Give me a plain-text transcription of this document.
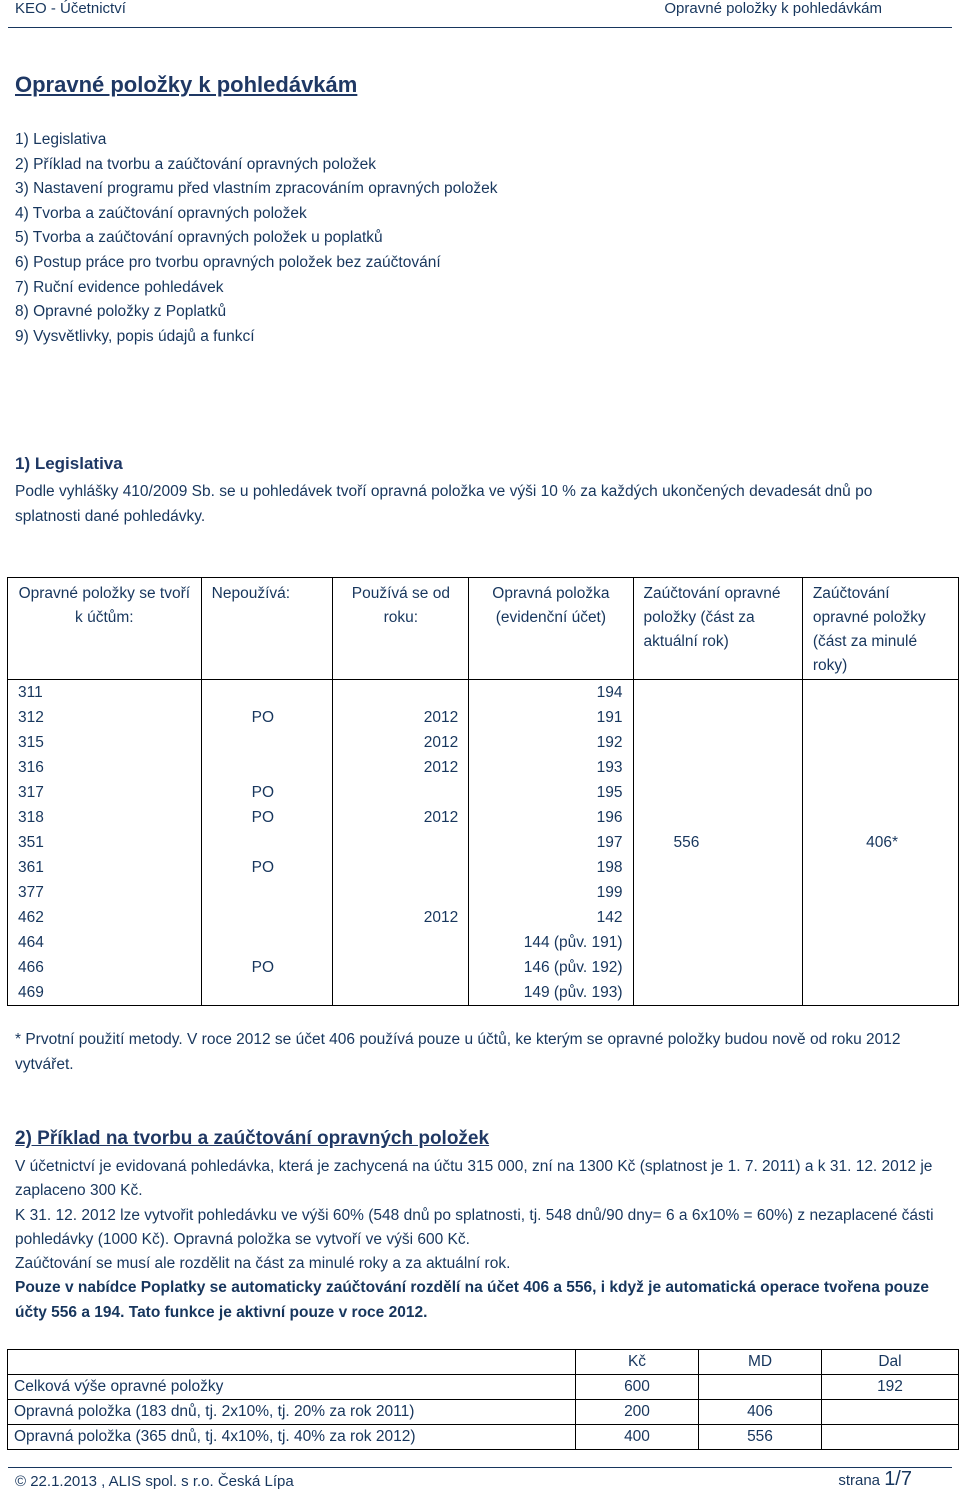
KEO - Účetnictví	Opravné položky k pohledávkám
Opravné položky k pohledávkám
1) Legislativa
2) Příklad na tvorbu a zaúčtování opravných položek
3) Nastavení programu před vlastním zpracováním opravných položek
4) Tvorba a zaúčtování opravných položek
5) Tvorba a zaúčtování opravných položek u poplatků
6) Postup práce pro tvorbu opravných položek bez zaúčtování
7) Ruční evidence pohledávek
8) Opravné položky z Poplatků
9) Vysvětlivky, popis údajů a funkcí
1) Legislativa

Podle vyhlášky 410/2009 Sb. se u pohledávek tvoří opravná položka ve výši 10 % za každých ukončených devadesát dnů po splatnosti dané pohledávky.

Opravné položky se tvoří k účtům:	Nepoužívá:	Používá se od roku:	Opravná položka (evidenční účet)	Zaúčtování opravné položky (část za aktuální rok)	Zaúčtování opravné položky (část za minulé roky)
311			194	556	406*
312	PO	2012	191		
315		2012	192		
316		2012	193		
317	PO		195		
318	PO	2012	196		
351			197		
361	PO		198		
377			199		
462		2012	142		
464			144 (pův. 191)		
466	PO		146 (pův. 192)		
469			149 (pův. 193)		

* Prvotní použití metody. V roce 2012 se účet 406 používá pouze u účtů, ke kterým se opravné položky budou nově od roku 2012 vytvářet.

2) Příklad na tvorbu a zaúčtování opravných položek
V účetnictví je evidovaná pohledávka, která je zachycená na účtu 315 000, zní na 1300 Kč (splatnost je 1. 7. 2011) a k 31. 12. 2012 je zaplaceno 300 Kč.
K 31. 12. 2012 lze vytvořit pohledávku ve výši 60% (548 dnů po splatnosti, tj. 548 dnů/90 dny= 6 a 6x10% = 60%) z nezaplacené části pohledávky (1000 Kč). Opravná položka se vytvoří ve výši 600 Kč.
Zaúčtování se musí ale rozdělit na část za minulé roky a za aktuální rok.
Pouze v nabídce Poplatky se automaticky zaúčtování rozdělí na účet 406 a 556, i když je automatická operace tvořena pouze účty 556 a 194. Tato funkce je aktivní pouze v roce 2012.
	Kč	MD	Dal
Celková výše opravné položky	600		192
Opravná položka (183 dnů, tj. 2x10%, tj. 20% za rok 2011)	200	406	
Opravná položka (365 dnů, tj. 4x10%, tj. 40% za rok 2012)	400	556	
© 22.1.2013 , ALIS spol. s r.o. Česká Lípa	strana 1/7
